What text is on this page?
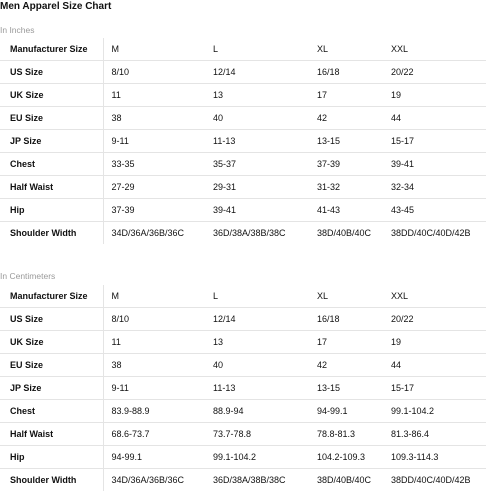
Men Apparel Size Chart
In Inches
Manufacturer Size	M	L	XL	XXL
US Size	8/10	12/14	16/18	20/22
UK Size	11	13	17	19
EU Size	38	40	42	44
JP Size	9-11	11-13	13-15	15-17
Chest	33-35	35-37	37-39	39-41
Half Waist	27-29	29-31	31-32	32-34
Hip	37-39	39-41	41-43	43-45
Shoulder Width	34D/36A/36B/36C	36D/38A/38B/38C	38D/40B/40C	38DD/40C/40D/42B
In Centimeters
Manufacturer Size	M	L	XL	XXL
US Size	8/10	12/14	16/18	20/22
UK Size	11	13	17	19
EU Size	38	40	42	44
JP Size	9-11	11-13	13-15	15-17
Chest	83.9-88.9	88.9-94	94-99.1	99.1-104.2
Half Waist	68.6-73.7	73.7-78.8	78.8-81.3	81.3-86.4
Hip	94-99.1	99.1-104.2	104.2-109.3	109.3-114.3
Shoulder Width	34D/36A/36B/36C	36D/38A/38B/38C	38D/40B/40C	38DD/40C/40D/42B
